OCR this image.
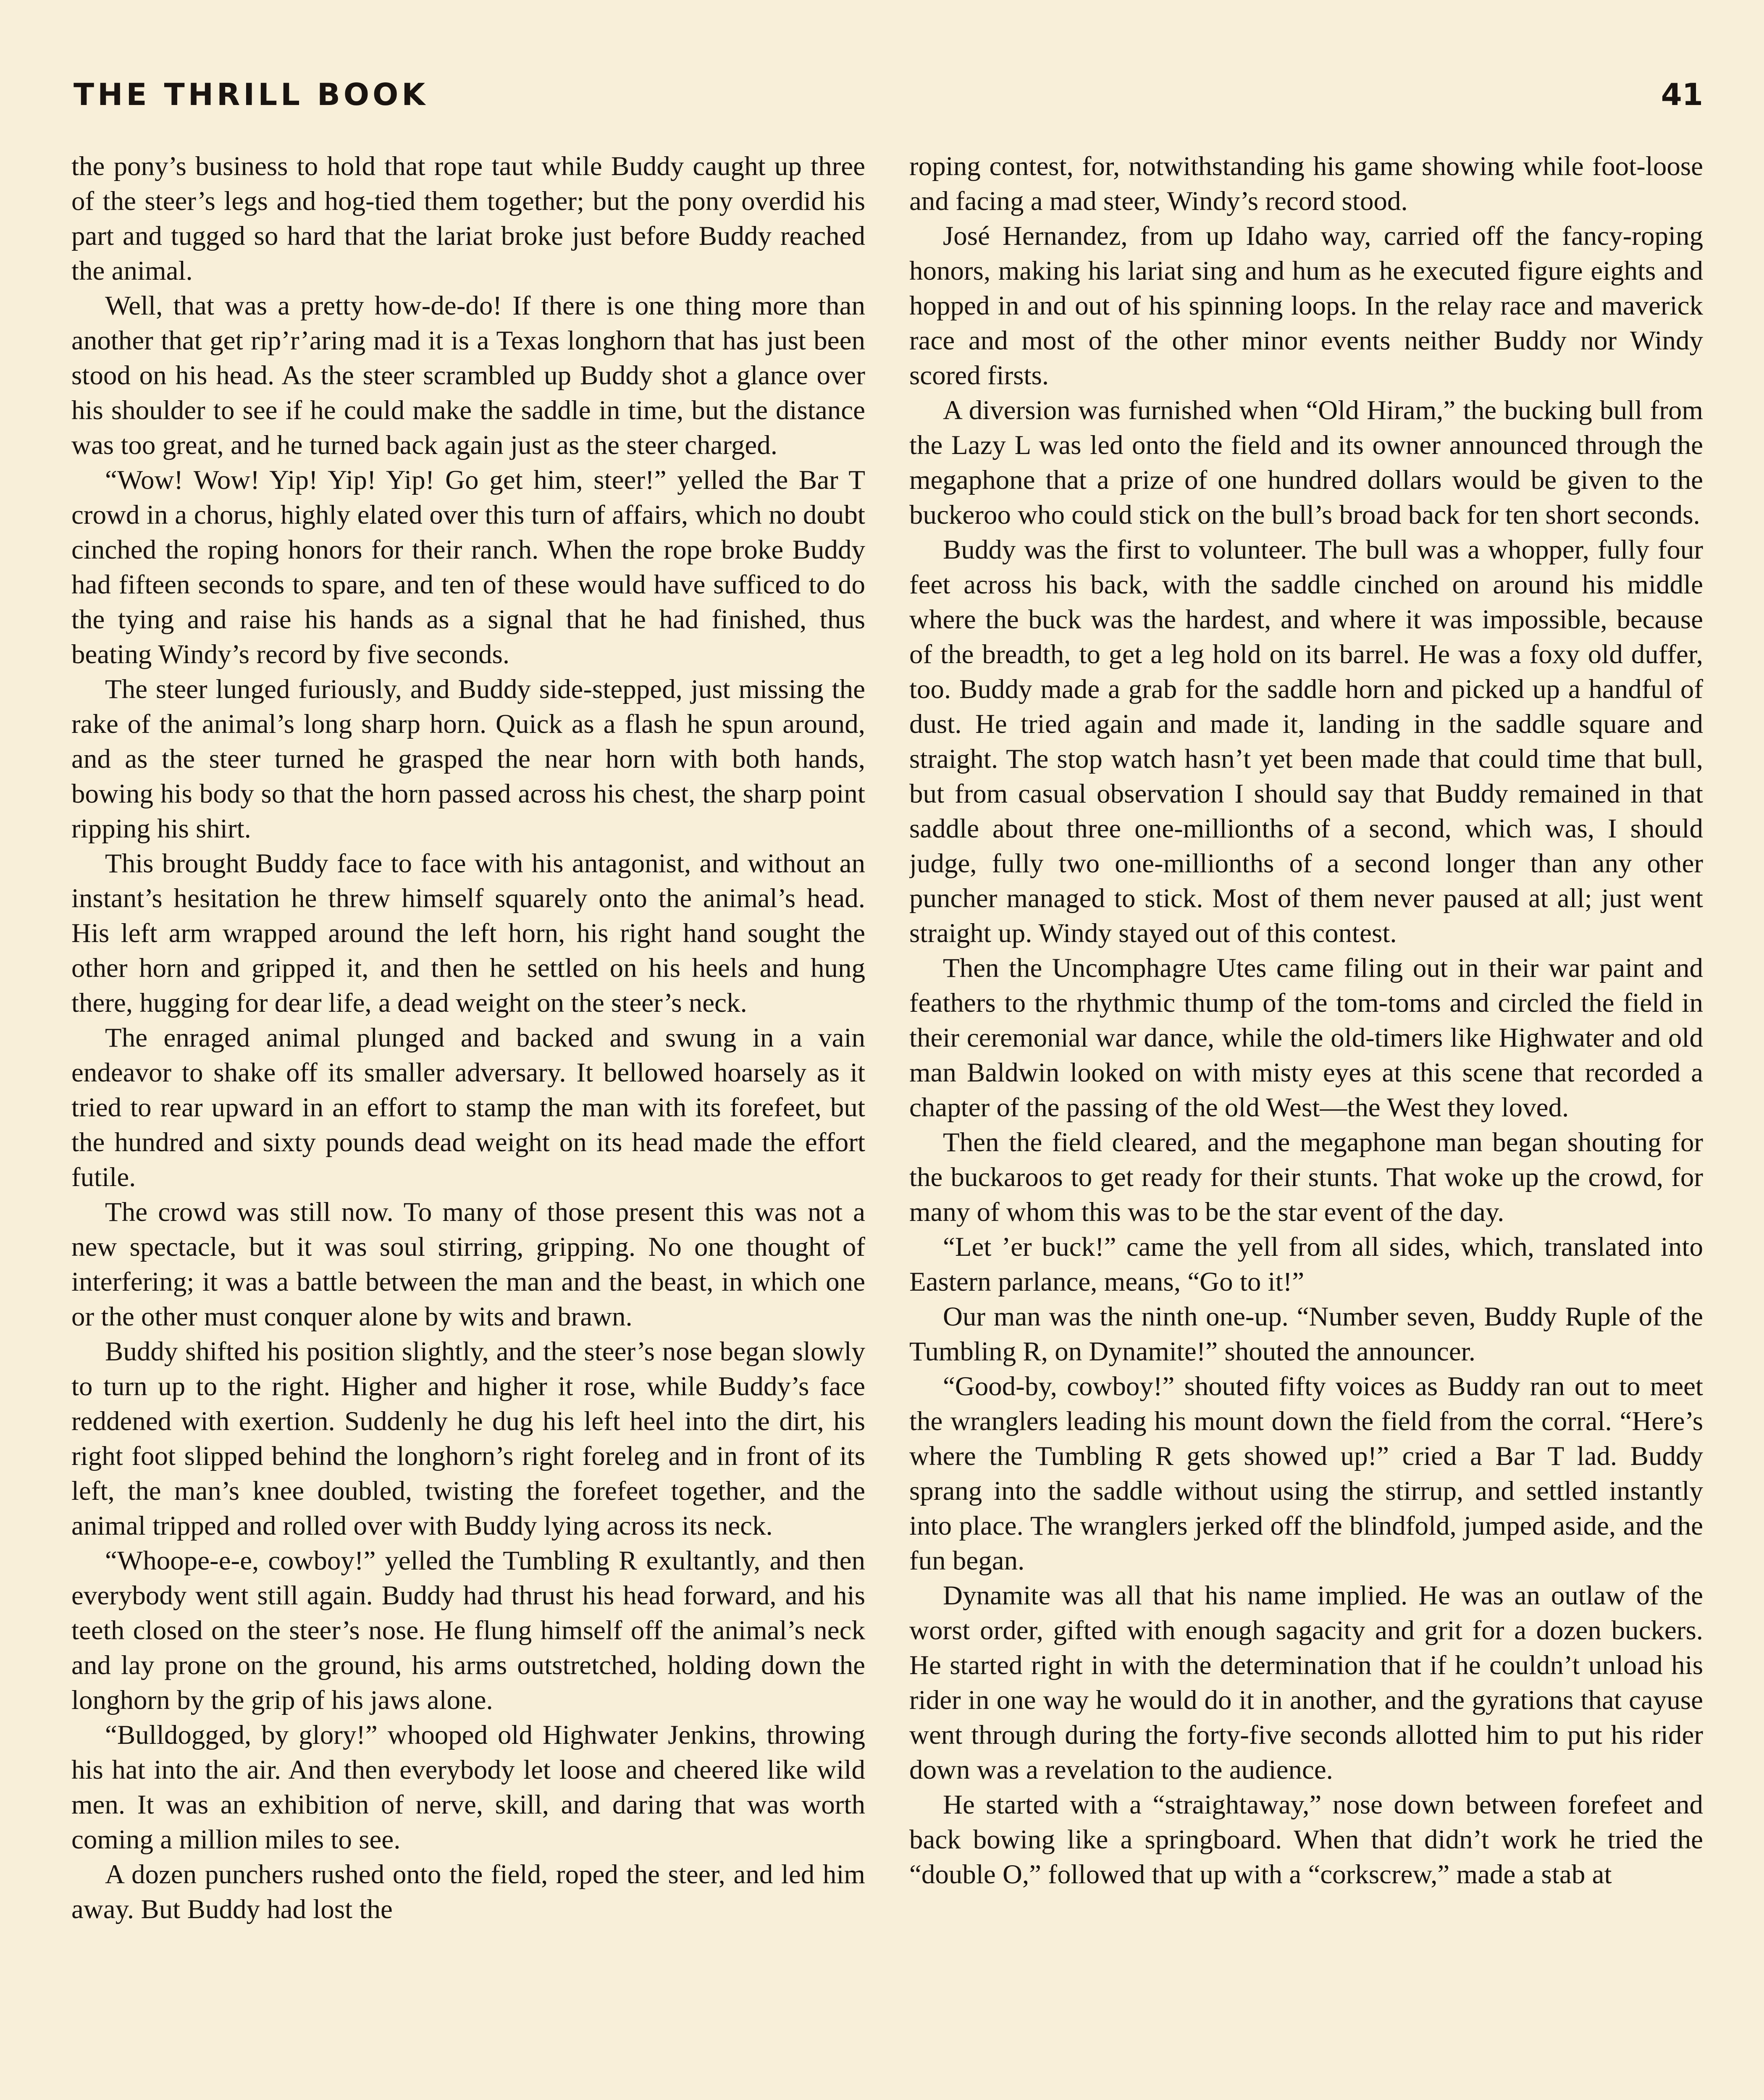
THE THRILL BOOK	41

the pony’s business to hold that rope taut while Buddy caught up three of the steer’s legs and hog-tied them together; but the pony overdid his part and tugged so hard that the lariat broke just before Buddy reached the animal.

Well, that was a pretty how-de-do! If there is one thing more than another that get rip’r’aring mad it is a Texas longhorn that has just been stood on his head. As the steer scrambled up Buddy shot a glance over his shoulder to see if he could make the saddle in time, but the distance was too great, and he turned back again just as the steer charged.

“Wow! Wow! Yip! Yip! Yip! Go get him, steer!” yelled the Bar T crowd in a chorus, highly elated over this turn of affairs, which no doubt cinched the roping honors for their ranch. When the rope broke Buddy had fifteen seconds to spare, and ten of these would have sufficed to do the tying and raise his hands as a signal that he had finished, thus beating Windy’s record by five seconds.

The steer lunged furiously, and Buddy side-stepped, just missing the rake of the animal’s long sharp horn. Quick as a flash he spun around, and as the steer turned he grasped the near horn with both hands, bowing his body so that the horn passed across his chest, the sharp point ripping his shirt.

This brought Buddy face to face with his antagonist, and without an instant’s hesitation he threw himself squarely onto the animal’s head. His left arm wrapped around the left horn, his right hand sought the other horn and gripped it, and then he settled on his heels and hung there, hugging for dear life, a dead weight on the steer’s neck.

The enraged animal plunged and backed and swung in a vain endeavor to shake off its smaller adversary. It bellowed hoarsely as it tried to rear upward in an effort to stamp the man with its forefeet, but the hundred and sixty pounds dead weight on its head made the effort futile.

The crowd was still now. To many of those present this was not a new spectacle, but it was soul stirring, gripping. No one thought of interfering; it was a battle between the man and the beast, in which one or the other must conquer alone by wits and brawn.

Buddy shifted his position slightly, and the steer’s nose began slowly to turn up to the right. Higher and higher it rose, while Buddy’s face reddened with exertion. Suddenly he dug his left heel into the dirt, his right foot slipped behind the longhorn’s right foreleg and in front of its left, the man’s knee doubled, twisting the forefeet together, and the animal tripped and rolled over with Buddy lying across its neck.

“Whoope-e-e, cowboy!” yelled the Tumbling R exultantly, and then everybody went still again. Buddy had thrust his head forward, and his teeth closed on the steer’s nose. He flung himself off the animal’s neck and lay prone on the ground, his arms outstretched, holding down the longhorn by the grip of his jaws alone.

“Bulldogged, by glory!” whooped old Highwater Jenkins, throwing his hat into the air. And then everybody let loose and cheered like wild men. It was an exhibition of nerve, skill, and daring that was worth coming a million miles to see.

A dozen punchers rushed onto the field, roped the steer, and led him away. But Buddy had lost the

roping contest, for, notwithstanding his game showing while foot-loose and facing a mad steer, Windy’s record stood.

José Hernandez, from up Idaho way, carried off the fancy-roping honors, making his lariat sing and hum as he executed figure eights and hopped in and out of his spinning loops. In the relay race and maverick race and most of the other minor events neither Buddy nor Windy scored firsts.

A diversion was furnished when “Old Hiram,” the bucking bull from the Lazy L was led onto the field and its owner announced through the megaphone that a prize of one hundred dollars would be given to the buckeroo who could stick on the bull’s broad back for ten short seconds.

Buddy was the first to volunteer. The bull was a whopper, fully four feet across his back, with the saddle cinched on around his middle where the buck was the hardest, and where it was impossible, because of the breadth, to get a leg hold on its barrel. He was a foxy old duffer, too. Buddy made a grab for the saddle horn and picked up a handful of dust. He tried again and made it, landing in the saddle square and straight. The stop watch hasn’t yet been made that could time that bull, but from casual observation I should say that Buddy remained in that saddle about three one-millionths of a second, which was, I should judge, fully two one-millionths of a second longer than any other puncher managed to stick. Most of them never paused at all; just went straight up. Windy stayed out of this contest.

Then the Uncomphagre Utes came filing out in their war paint and feathers to the rhythmic thump of the tom-toms and circled the field in their ceremonial war dance, while the old-timers like Highwater and old man Baldwin looked on with misty eyes at this scene that recorded a chapter of the passing of the old West—the West they loved.

Then the field cleared, and the megaphone man began shouting for the buckaroos to get ready for their stunts. That woke up the crowd, for many of whom this was to be the star event of the day.

“Let ’er buck!” came the yell from all sides, which, translated into Eastern parlance, means, “Go to it!”

Our man was the ninth one-up. “Number seven, Buddy Ruple of the Tumbling R, on Dynamite!” shouted the announcer.

“Good-by, cowboy!” shouted fifty voices as Buddy ran out to meet the wranglers leading his mount down the field from the corral. “Here’s where the Tumbling R gets showed up!” cried a Bar T lad. Buddy sprang into the saddle without using the stirrup, and settled instantly into place. The wranglers jerked off the blindfold, jumped aside, and the fun began.

Dynamite was all that his name implied. He was an outlaw of the worst order, gifted with enough sagacity and grit for a dozen buckers. He started right in with the determination that if he couldn’t unload his rider in one way he would do it in another, and the gyrations that cayuse went through during the forty-five seconds allotted him to put his rider down was a revelation to the audience.

He started with a “straightaway,” nose down between forefeet and back bowing like a springboard. When that didn’t work he tried the “double O,” followed that up with a “corkscrew,” made a stab at
